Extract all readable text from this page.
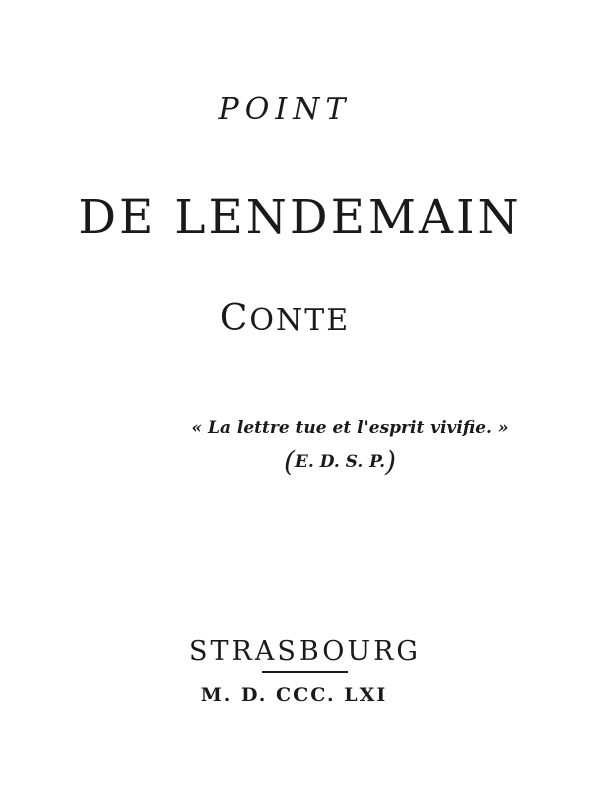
POINT
DE LENDEMAIN
CONTE
« La lettre tue et l'esprit vivifie. »
(E. D. S. P.)
STRASBOURG
M. D. CCC. LXI
